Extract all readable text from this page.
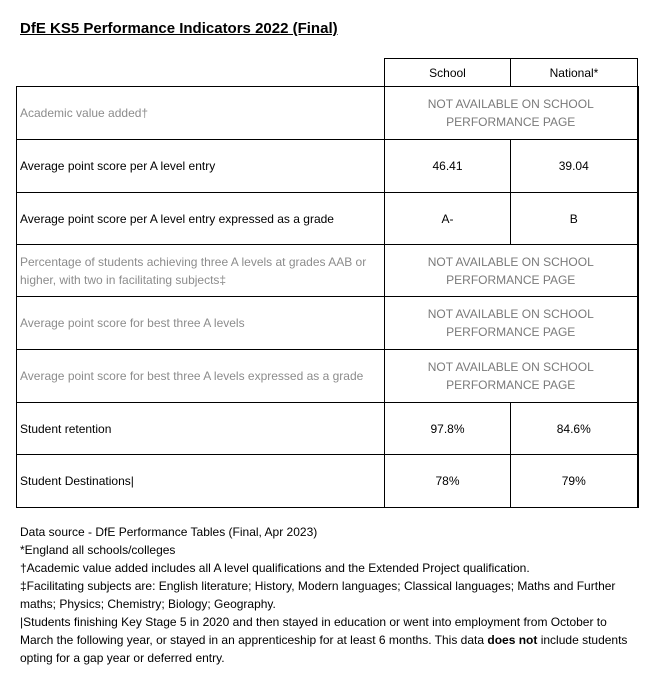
DfE KS5 Performance Indicators 2022 (Final)
	School	National*
Academic value added†	NOT AVAILABLE ON SCHOOL PERFORMANCE PAGE	
Average point score per A level entry	46.41	39.04
Average point score per A level entry expressed as a grade	A-	B
Percentage of students achieving three A levels at grades AAB or higher, with two in facilitating subjects‡	NOT AVAILABLE ON SCHOOL PERFORMANCE PAGE	
Average point score for best three A levels	NOT AVAILABLE ON SCHOOL PERFORMANCE PAGE	
Average point score for best three A levels expressed as a grade	NOT AVAILABLE ON SCHOOL PERFORMANCE PAGE	
Student retention	97.8%	84.6%
Student Destinations|	78%	79%

Data source - DfE Performance Tables (Final, Apr 2023)

*England all schools/colleges

†Academic value added includes all A level qualifications and the Extended Project qualification.

‡Facilitating subjects are: English literature; History, Modern languages; Classical languages; Maths and Further maths; Physics; Chemistry; Biology; Geography.

|Students finishing Key Stage 5 in 2020 and then stayed in education or went into employment from October to March the following year, or stayed in an apprenticeship for at least 6 months. This data does not include students opting for a gap year or deferred entry.
